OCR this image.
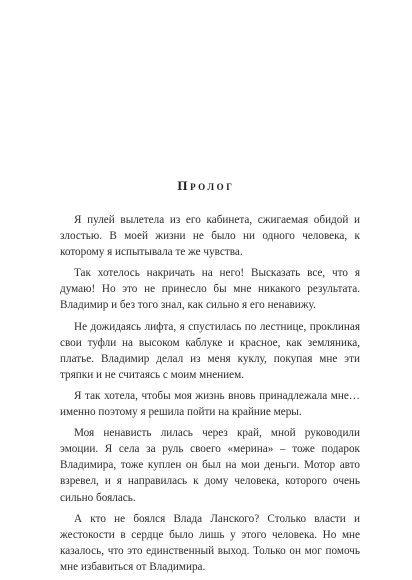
Пролог

Я пулей вылетела из его кабинета, сжигаемая обидой и злостью. В моей жизни не было ни одного человека, к которому я испытывала те же чувства.

Так хотелось накричать на него! Высказать все, что я думаю! Но это не принесло бы мне никакого результата. Владимир и без того знал, как сильно я его ненавижу.

Не дожидаясь лифта, я спустилась по лестнице, проклиная свои туфли на высоком каблуке и красное, как земляника, платье. Владимир делал из меня куклу, покупая мне эти тряпки и не считаясь с моим мнением.

Я так хотела, чтобы моя жизнь вновь принадлежала мне… именно поэтому я решила пойти на крайние меры.

Моя ненависть лилась через край, мной руководили эмоции. Я села за руль своего «мерина» – тоже подарок Владимира, тоже куплен он был на мои деньги. Мотор авто взревел, и я направилась к дому человека, которого очень сильно боялась.

А кто не боялся Влада Ланского? Столько власти и жестокости в сердце было лишь у этого человека. Но мне казалось, что это единственный выход. Только он мог помочь мне избавиться от Владимира.
